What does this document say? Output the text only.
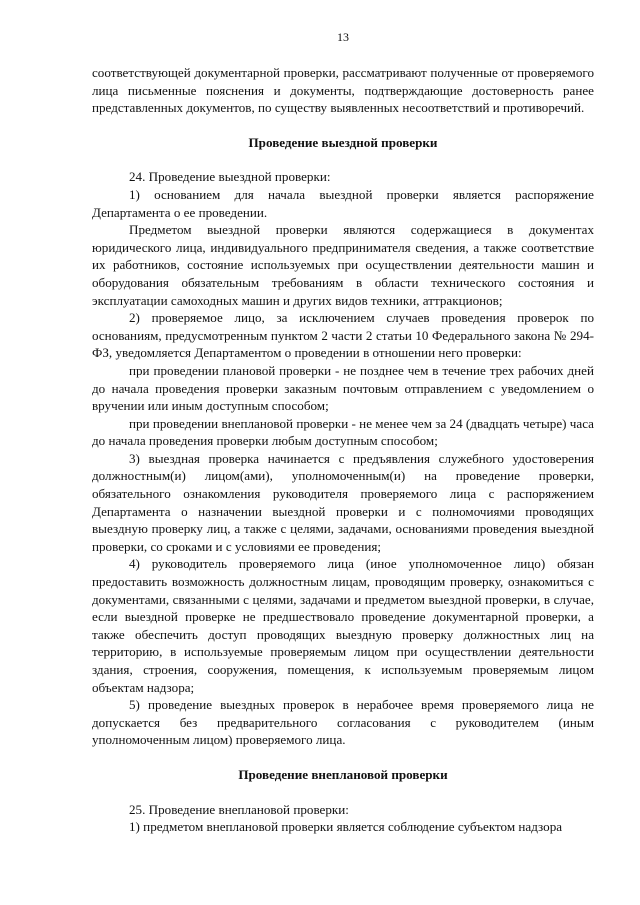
13

соответствующей документарной проверки, рассматривают полученные от проверяемого лица письменные пояснения и документы, подтверждающие достоверность ранее представленных документов, по существу выявленных несоответствий и противоречий.

Проведение выездной проверки

24. Проведение выездной проверки:

1) основанием для начала выездной проверки является распоряжение Департамента о ее проведении.

Предметом выездной проверки являются содержащиеся в документах юридического лица, индивидуального предпринимателя сведения, а также соответствие их работников, состояние используемых при осуществлении деятельности машин и оборудования обязательным требованиям в области технического состояния и эксплуатации самоходных машин и других видов техники, аттракционов;

2) проверяемое лицо, за исключением случаев проведения проверок по основаниям, предусмотренным пунктом 2 части 2 статьи 10 Федерального закона № 294-ФЗ, уведомляется Департаментом о проведении в отношении него проверки:

при проведении плановой проверки - не позднее чем в течение трех рабочих дней до начала проведения проверки заказным почтовым отправлением с уведомлением о вручении или иным доступным способом;

при проведении внеплановой проверки - не менее чем за 24 (двадцать четыре) часа до начала проведения проверки любым доступным способом;

3) выездная проверка начинается с предъявления служебного удостоверения должностным(и) лицом(ами), уполномоченным(и) на проведение проверки, обязательного ознакомления руководителя проверяемого лица с распоряжением Департамента о назначении выездной проверки и с полномочиями проводящих выездную проверку лиц, а также с целями, задачами, основаниями проведения выездной проверки, со сроками и с условиями ее проведения;

4) руководитель проверяемого лица (иное уполномоченное лицо) обязан предоставить возможность должностным лицам, проводящим проверку, ознакомиться с документами, связанными с целями, задачами и предметом выездной проверки, в случае, если выездной проверке не предшествовало проведение документарной проверки, а также обеспечить доступ проводящих выездную проверку должностных лиц на территорию, в используемые проверяемым лицом при осуществлении деятельности здания, строения, сооружения, помещения, к используемым проверяемым лицом объектам надзора;

5) проведение выездных проверок в нерабочее время проверяемого лица не допускается без предварительного согласования с руководителем (иным уполномоченным лицом) проверяемого лица.

Проведение внеплановой проверки

25. Проведение внеплановой проверки:

1) предметом внеплановой проверки является соблюдение субъектом надзора
